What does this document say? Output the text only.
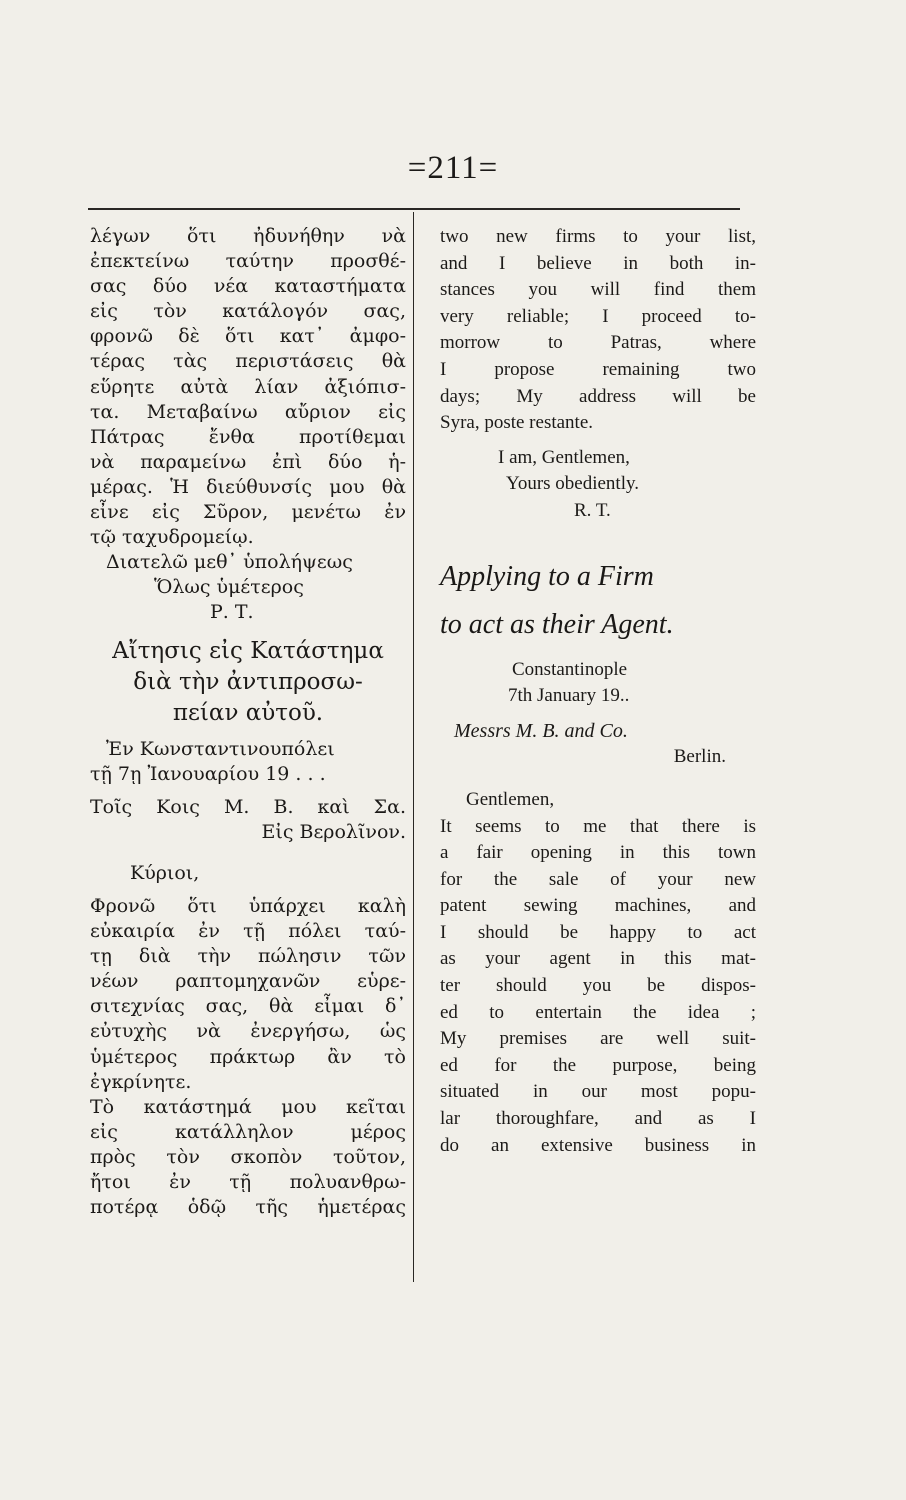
=211=
λέγων ὅτι ἠδυνήθην νὰ
ἐπεκτείνω ταύτην προσθέ-
σας δύο νέα καταστήματα
εἰς τὸν κατάλογόν σας,
φρονῶ δὲ ὅτι κατ᾿ ἀμφο-
τέρας τὰς περιστάσεις θὰ
εὕρητε αὐτὰ λίαν ἀξιόπισ-
τα. Μεταβαίνω αὔριον εἰς
Πάτρας ἔνθα προτίθεμαι
νὰ παραμείνω ἐπὶ δύο ἡ-
μέρας. Ἡ διεύθυνσίς μου θὰ
εἶνε εἰς Σῦρον, μενέτω ἐν
τῷ ταχυδρομείῳ.
Διατελῶ μεθ᾿ ὑπολήψεως
Ὅλως ὑμέτερος
Ρ. Τ.
Αἴτησις εἰς Κατάστημα
διὰ τὴν ἀντιπροσω-
πείαν αὐτοῦ.
Ἐν Κωνσταντινουπόλει
τῇ 7ῃ Ἰανουαρίου 19 . . .
Τοῖς Κοις Μ. Β. καὶ Σα.
Εἰς Βερολῖνον.
Κύριοι,
Φρονῶ ὅτι ὑπάρχει καλὴ
εὐκαιρία ἐν τῇ πόλει ταύ-
τῃ διὰ τὴν πώλησιν τῶν
νέων ραπτομηχανῶν εὑρε-
σιτεχνίας σας, θὰ εἶμαι δ᾿
εὐτυχὴς νὰ ἐνεργήσω, ὡς
ὑμέτερος πράκτωρ ἂν τὸ
ἐγκρίνητε.
Τὸ κατάστημά μου κεῖται
εἰς κατάλληλον μέρος
πρὸς τὸν σκοπὸν τοῦτον,
ἤτοι ἐν τῇ πολυανθρω-
ποτέρᾳ ὁδῷ τῆς ἡμετέρας
two new firms to your list,
and I believe in both in-
stances you will find them
very reliable; I proceed to-
morrow to Patras, where
I propose remaining two
days; My address will be
Syra, poste restante.
I am, Gentlemen,
Yours obediently.
R. T.
Applying to a Firm
to act as their Agent.
Constantinople
7th January 19..
Messrs M. B. and Co.
Berlin.
Gentlemen,
It seems to me that there is
a fair opening in this town
for the sale of your new
patent sewing machines, and
I should be happy to act
as your agent in this mat-
ter should you be dispos-
ed to entertain the idea ;
My premises are well suit-
ed for the purpose, being
situated in our most popu-
lar thoroughfare, and as I
do an extensive business in
